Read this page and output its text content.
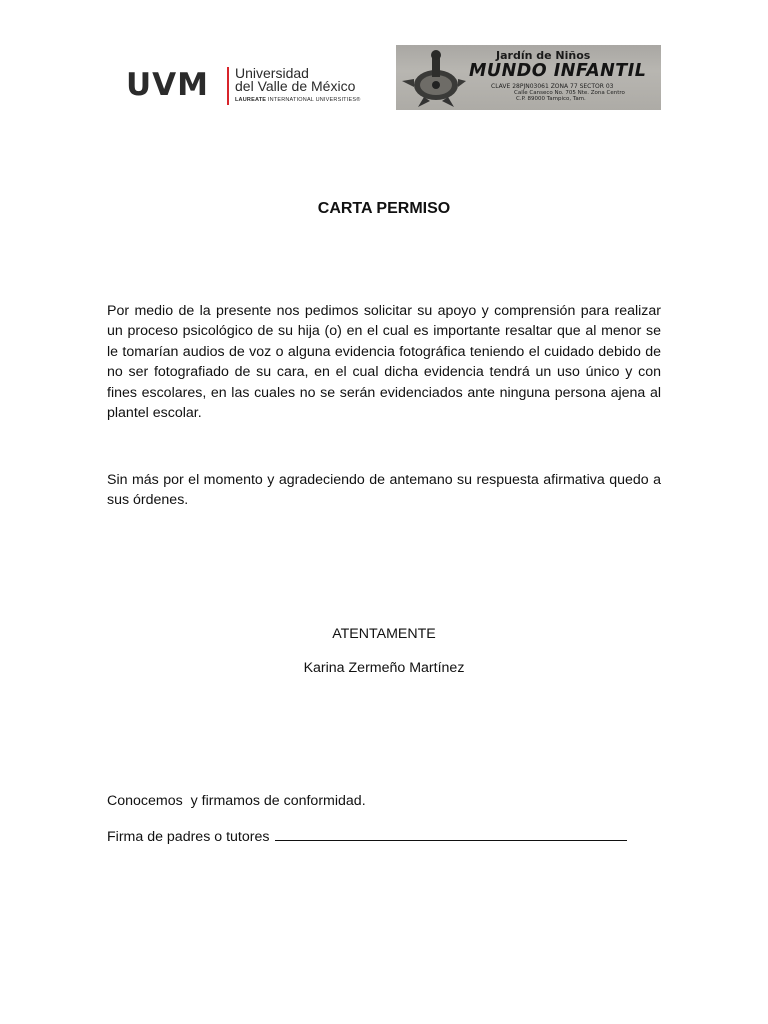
UVM Universidad
del Valle de México
LAUREATE INTERNATIONAL UNIVERSITIES®
Jardín de Niños
MUNDO INFANTIL
CLAVE 28PJN03061 ZONA 77 SECTOR 03
Calle Canseco No. 705 Nte. Zona Centro
C.P. 89000 Tampico, Tam.
CARTA PERMISO

Por medio de la presente nos pedimos solicitar su apoyo y comprensión para realizar un proceso psicológico de su hija (o) en el cual es importante resaltar que al menor se le tomarían audios de voz o alguna evidencia fotográfica teniendo el cuidado debido de no ser fotografiado de su cara, en el cual dicha evidencia tendrá un uso único y con fines escolares, en las cuales no se serán evidenciados ante ninguna persona ajena al plantel escolar.

Sin más por el momento y agradeciendo de antemano su respuesta afirmativa quedo a sus órdenes.

ATENTAMENTE
Karina Zermeño Martínez
Conocemos  y firmamos de conformidad.
Firma de padres o tutores
